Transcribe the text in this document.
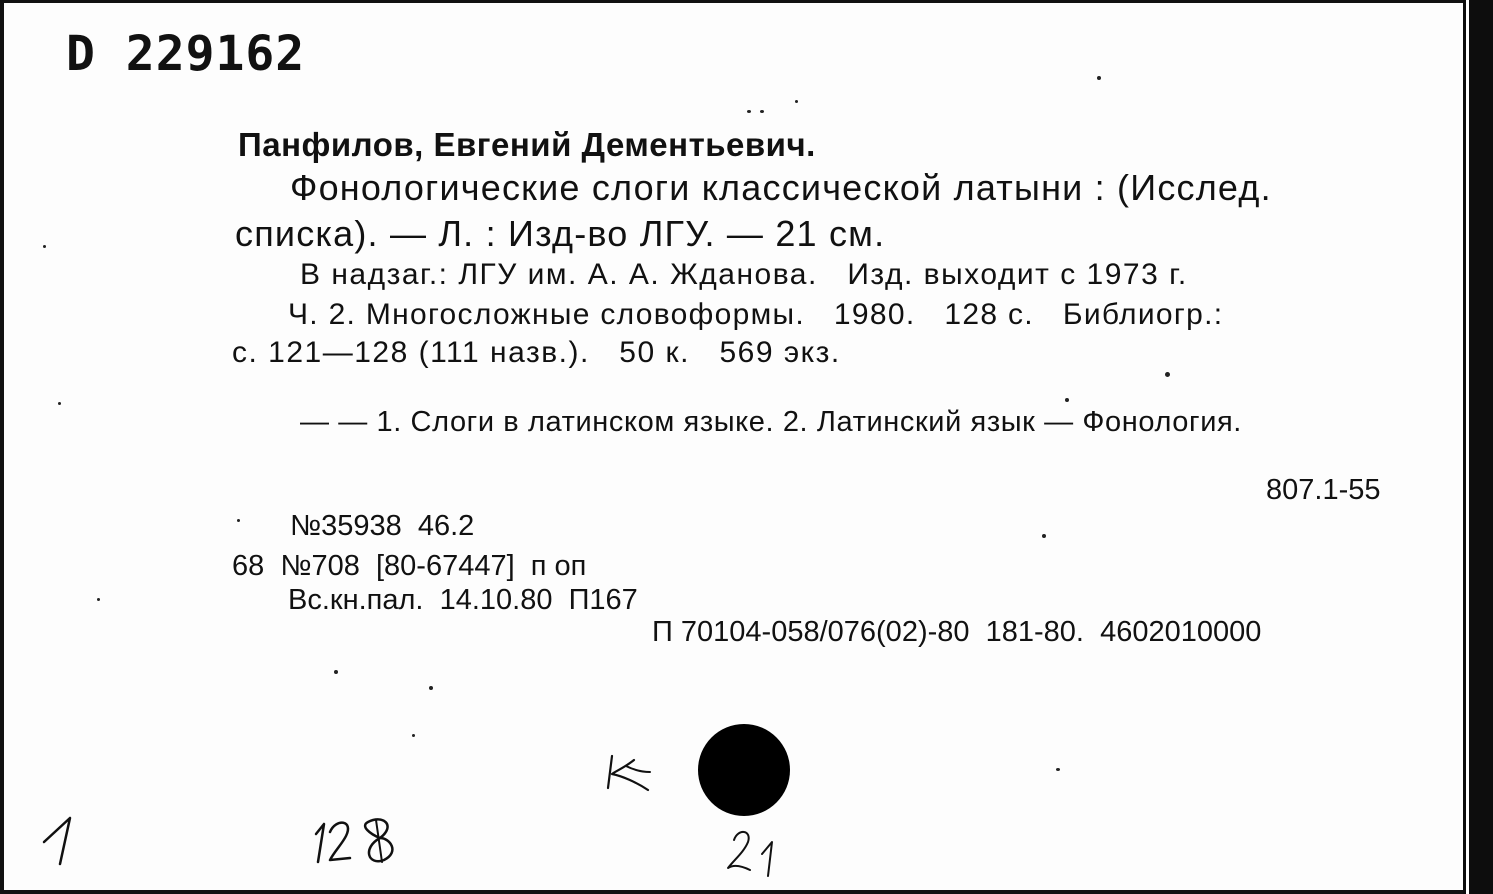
D 229162
Панфилов, Евгений Дементьевич.
Фонологические слоги классической латыни : (Исслед.
списка). — Л. : Изд-во ЛГУ. — 21 см.
В надзаг.: ЛГУ им. А. А. Жданова.   Изд. выходит с 1973 г.
Ч. 2. Многосложные словоформы.   1980.   128 с.   Библиогр.:
с. 121—128 (111 назв.).   50 к.   569 экз.
— — 1. Слоги в латинском языке. 2. Латинский язык — Фонология.
807.1-55
№35938  46.2
68  №708  [80-67447]  п оп
Вс.кн.пал.  14.10.80  П167
П 70104-058/076(02)-80  181-80.  4602010000
